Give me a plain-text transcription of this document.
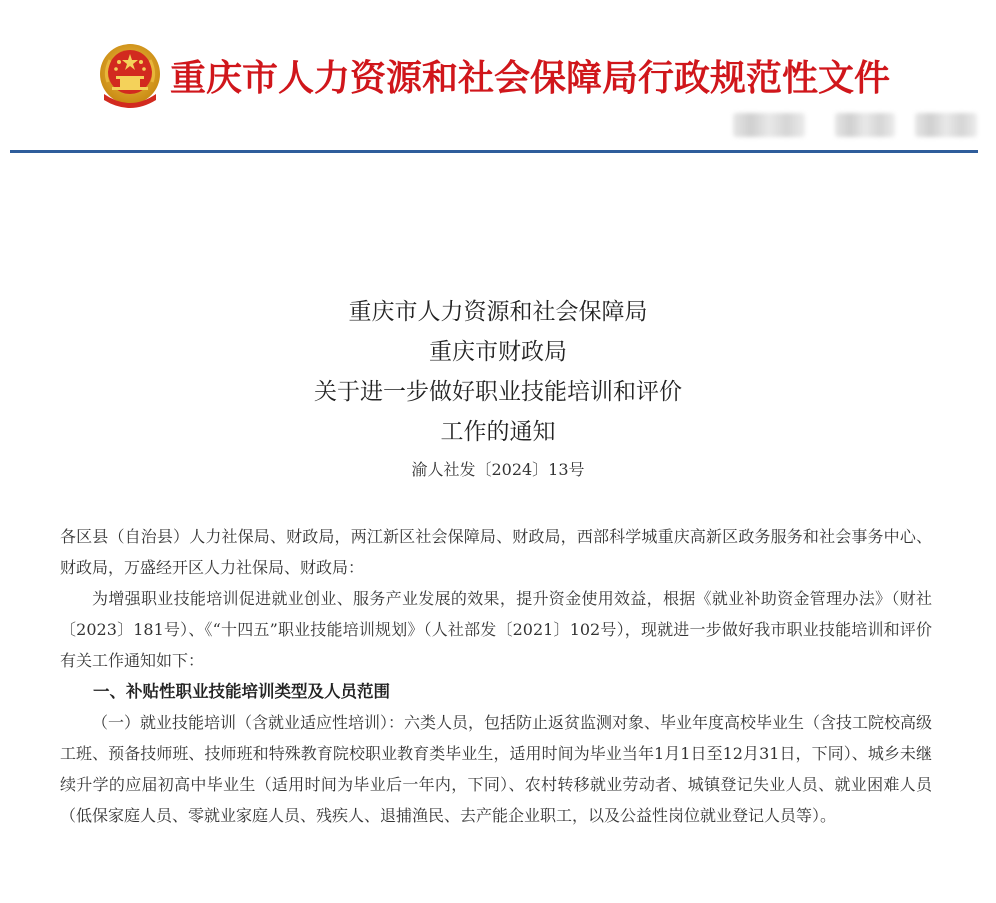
重庆市人力资源和社会保障局行政规范性文件
重庆市人力资源和社会保障局
重庆市财政局
关于进一步做好职业技能培训和评价
工作的通知
渝人社发〔2024〕13号

各区县（自治县）人力社保局、财政局，两江新区社会保障局、财政局，西部科学城重庆高新区政务服务和社会事务中心、财政局，万盛经开区人力社保局、财政局：

为增强职业技能培训促进就业创业、服务产业发展的效果，提升资金使用效益，根据《就业补助资金管理办法》（财社〔2023〕181号）、《“十四五”职业技能培训规划》（人社部发〔2021〕102号），现就进一步做好我市职业技能培训和评价有关工作通知如下：

一、补贴性职业技能培训类型及人员范围

（一）就业技能培训（含就业适应性培训）：六类人员，包括防止返贫监测对象、毕业年度高校毕业生（含技工院校高级工班、预备技师班、技师班和特殊教育院校职业教育类毕业生，适用时间为毕业当年1月1日至12月31日，下同）、城乡未继续升学的应届初高中毕业生（适用时间为毕业后一年内，下同）、农村转移就业劳动者、城镇登记失业人员、就业困难人员（低保家庭人员、零就业家庭人员、残疾人、退捕渔民、去产能企业职工，以及公益性岗位就业登记人员等）。
